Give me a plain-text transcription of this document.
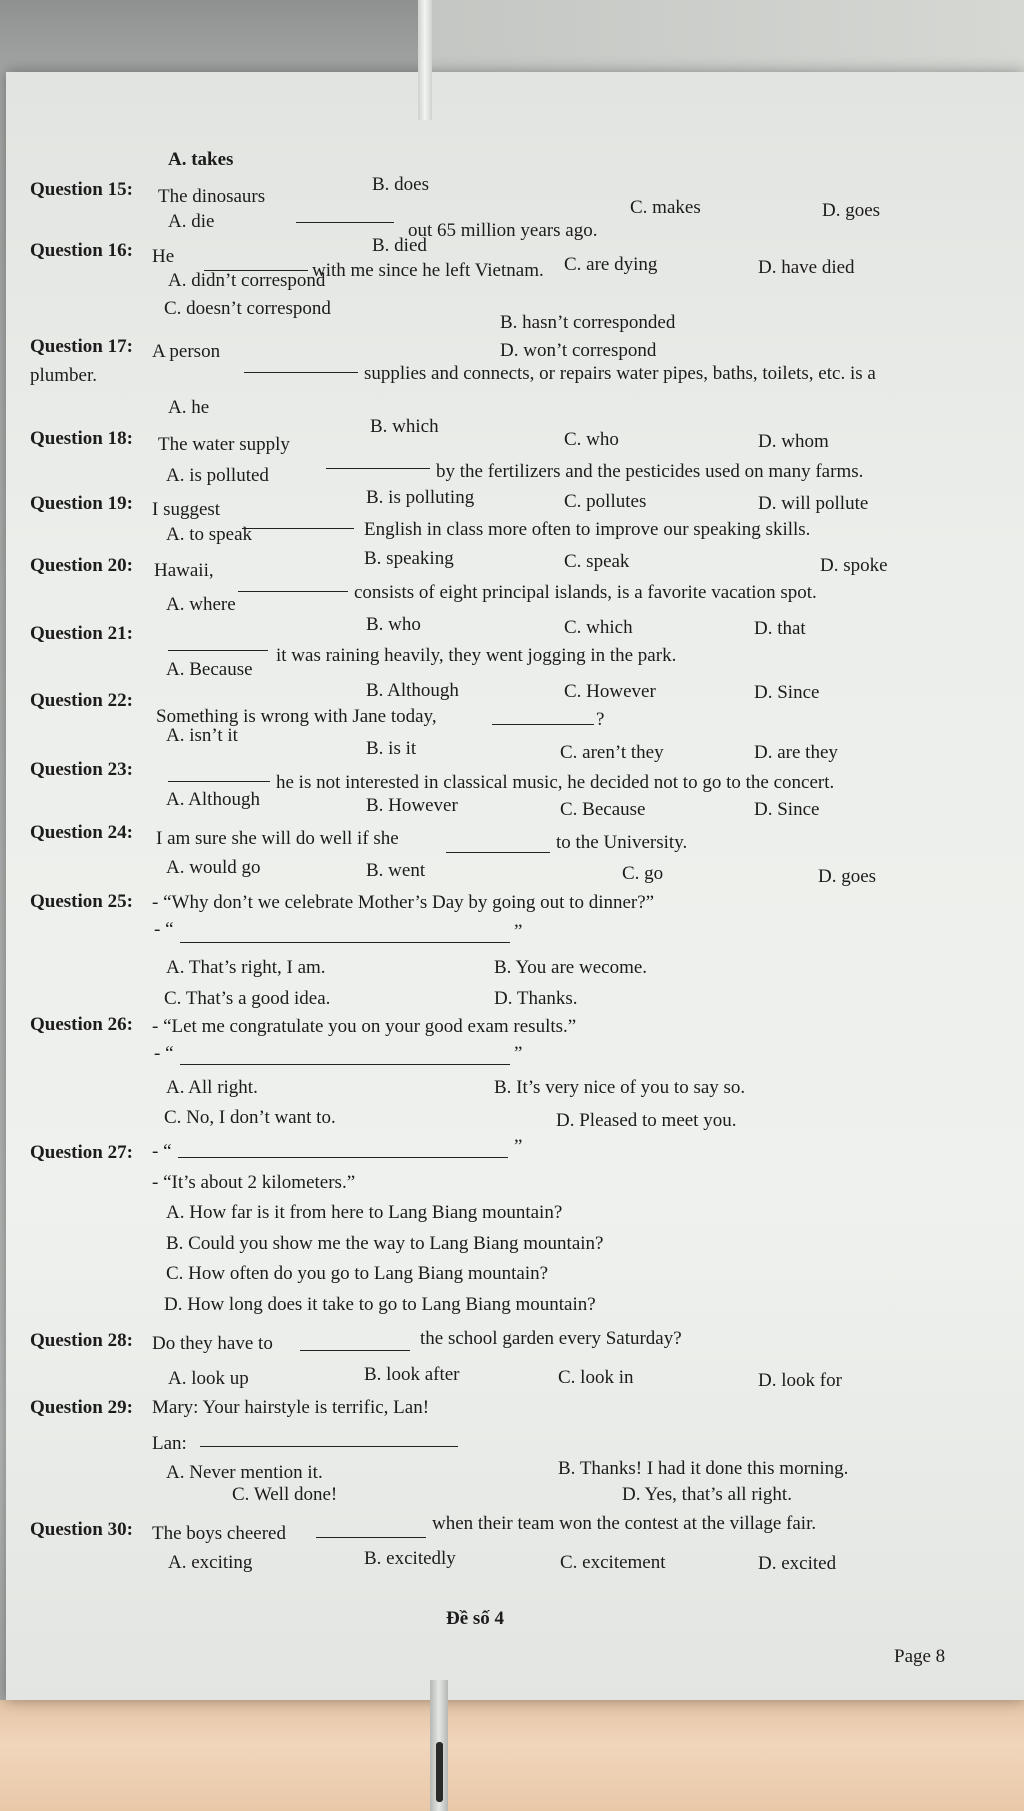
A. takes
B. does
C. makes	D. goes
Question 15: The dinosaurs
out 65 million years ago.
A. die
B. died
C. are dying	D. have died
Question 16: He
with me since he left Vietnam.
A. didn’t correspond
B. hasn’t corresponded
C. doesn’t correspond
D. won’t correspond
Question 17: A person
supplies and connects, or repairs water pipes, baths, toilets, etc. is a
plumber.
A. he
B. which
C. who	D. whom
Question 18: The water supply
by the fertilizers and the pesticides used on many farms.
A. is polluted
B. is polluting	C. pollutes	D. will pollute
Question 19: I suggest
English in class more often to improve our speaking skills.
A. to speak
B. speaking	C. speak	D. spoke
Question 20: Hawaii,
consists of eight principal islands, is a favorite vacation spot.
A. where
B. who	C. which	D. that
Question 21:
it was raining heavily, they went jogging in the park.
A. Because
B. Although	C. However	D. Since
Question 22:
Something is wrong with Jane today,	?
A. isn’t it
B. is it	C. aren’t they	D. are they
Question 23:
he is not interested in classical music, he decided not to go to the concert.
A. Although	B. However	C. Because	D. Since
Question 24: I am sure she will do well if she	to the University.
A. would go	B. went	C. go	D. goes
Question 25: - “Why don’t we celebrate Mother’s Day by going out to dinner?”
- “	”
A. That’s right, I am.	B. You are wecome.
C. That’s a good idea.	D. Thanks.
Question 26: - “Let me congratulate you on your good exam results.”
- “	”
A. All right.	B. It’s very nice of you to say so.
C. No, I don’t want to.	D. Pleased to meet you.
Question 27: - “	”
- “It’s about 2 kilometers.”
A. How far is it from here to Lang Biang mountain?
B. Could you show me the way to Lang Biang mountain?
C. How often do you go to Lang Biang mountain?
D. How long does it take to go to Lang Biang mountain?
Question 28: Do they have to	the school garden every Saturday?
A. look up	B. look after	C. look in	D. look for
Question 29: Mary: Your hairstyle is terrific, Lan!
Lan:
A. Never mention it.	B. Thanks! I had it done this morning.
C. Well done!	D. Yes, that’s all right.
Question 30: The boys cheered	when their team won the contest at the village fair.
A. exciting	B. excitedly	C. excitement	D. excited
Đề số 4
Page 8
